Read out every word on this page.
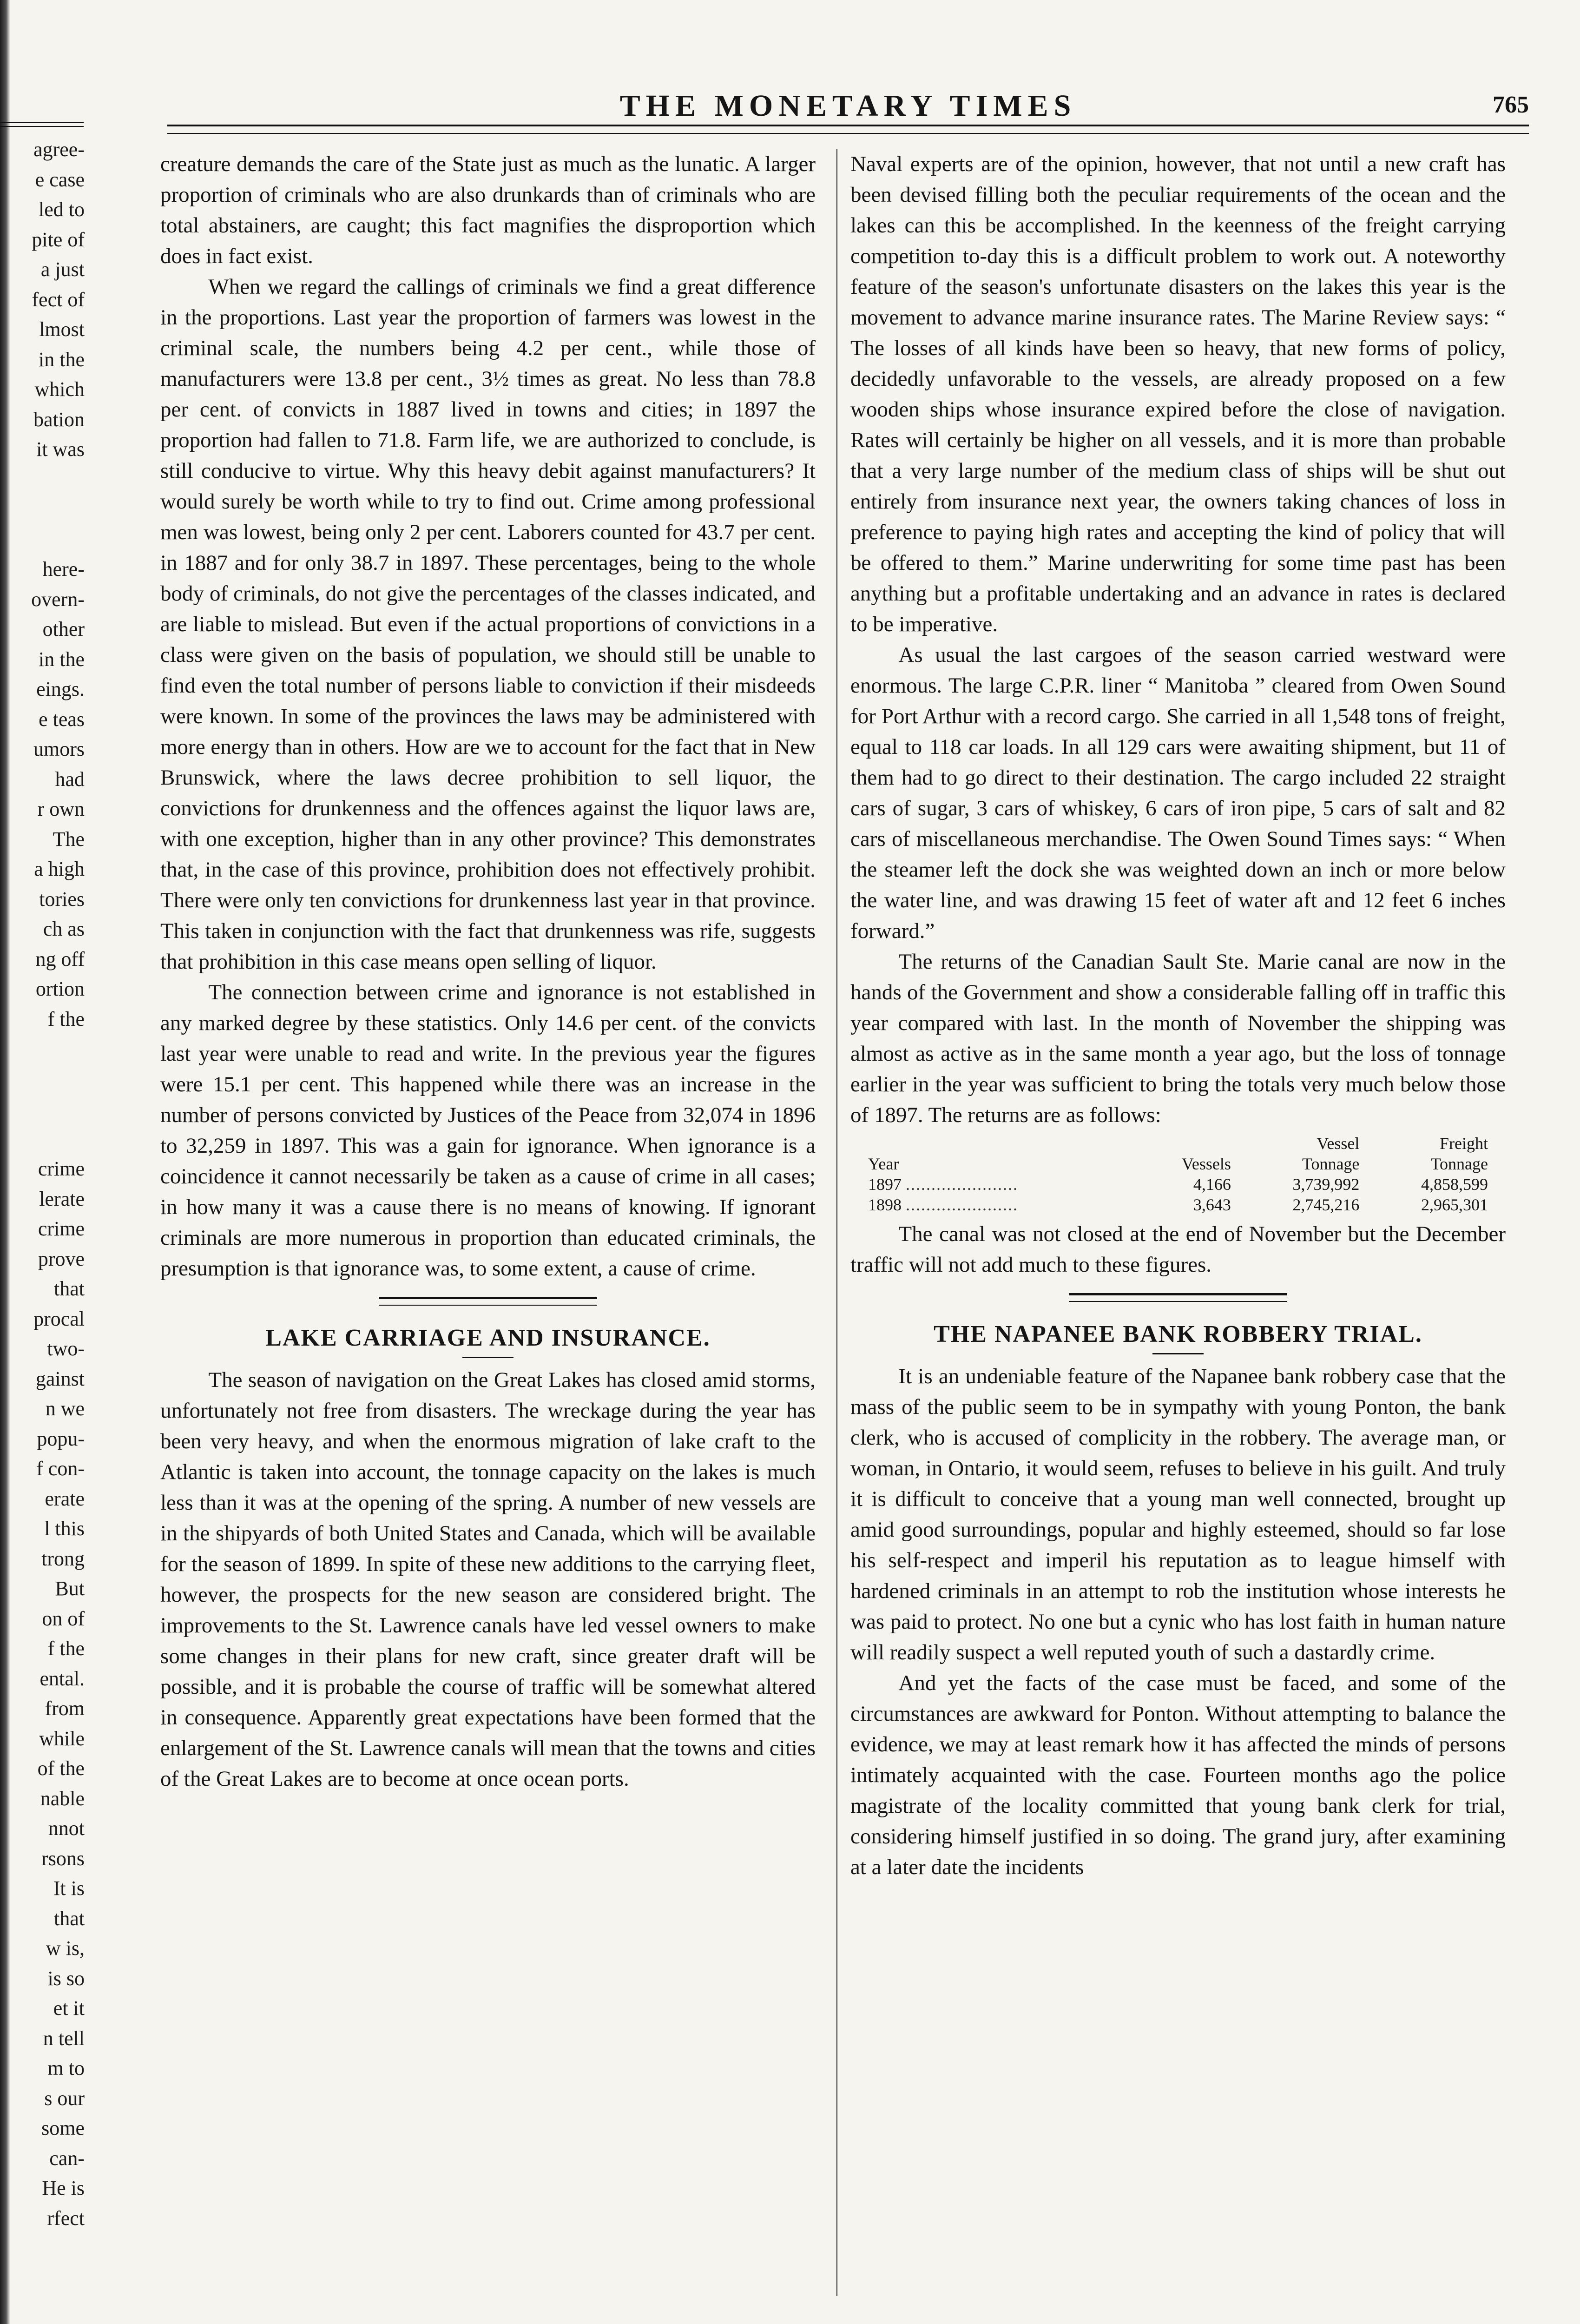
agree-
e case
led to
pite of
a just
fect of
lmost
in the
which
bation
it was
here-
overn-
other
in the
eings.
e teas
umors
had
r own
The
a high
tories
ch as
ng off
ortion
f the
crime
lerate
crime
prove
that
procal
two-
gainst
n we
popu-
f con-
erate
l this
trong
But
on of
f the
ental.
from
while
of the
nable
nnot
rsons
It is
that
w is,
is so
et it
n tell
m to
s our
some
can-
He is
rfect
THE MONETARY TIMES	765

creature demands the care of the State just as much as the lunatic. A larger proportion of criminals who are also drunkards than of criminals who are total abstainers, are caught; this fact magnifies the disproportion which does in fact exist.

When we regard the callings of criminals we find a great difference in the proportions. Last year the proportion of farmers was lowest in the criminal scale, the numbers being 4.2 per cent., while those of manufacturers were 13.8 per cent., 3½ times as great. No less than 78.8 per cent. of convicts in 1887 lived in towns and cities; in 1897 the proportion had fallen to 71.8. Farm life, we are authorized to conclude, is still conducive to virtue. Why this heavy debit against manufacturers? It would surely be worth while to try to find out. Crime among professional men was lowest, being only 2 per cent. Laborers counted for 43.7 per cent. in 1887 and for only 38.7 in 1897. These percentages, being to the whole body of criminals, do not give the percentages of the classes indicated, and are liable to mislead. But even if the actual proportions of convictions in a class were given on the basis of population, we should still be unable to find even the total number of persons liable to conviction if their misdeeds were known. In some of the provinces the laws may be administered with more energy than in others. How are we to account for the fact that in New Brunswick, where the laws decree prohibition to sell liquor, the convictions for drunkenness and the offences against the liquor laws are, with one exception, higher than in any other province? This demonstrates that, in the case of this province, prohibition does not effectively prohibit. There were only ten convictions for drunkenness last year in that province. This taken in conjunction with the fact that drunkenness was rife, suggests that prohibition in this case means open selling of liquor.

The connection between crime and ignorance is not established in any marked degree by these statistics. Only 14.6 per cent. of the convicts last year were unable to read and write. In the previous year the figures were 15.1 per cent. This happened while there was an increase in the number of persons convicted by Justices of the Peace from 32,074 in 1896 to 32,259 in 1897. This was a gain for ignorance. When ignorance is a coincidence it cannot necessarily be taken as a cause of crime in all cases; in how many it was a cause there is no means of knowing. If ignorant criminals are more numerous in proportion than educated criminals, the presumption is that ignorance was, to some extent, a cause of crime.

LAKE CARRIAGE AND INSURANCE.

The season of navigation on the Great Lakes has closed amid storms, unfortunately not free from disasters. The wreckage during the year has been very heavy, and when the enormous migration of lake craft to the Atlantic is taken into account, the tonnage capacity on the lakes is much less than it was at the opening of the spring. A number of new vessels are in the shipyards of both United States and Canada, which will be available for the season of 1899. In spite of these new additions to the carrying fleet, however, the prospects for the new season are considered bright. The improvements to the St. Lawrence canals have led vessel owners to make some changes in their plans for new craft, since greater draft will be possible, and it is probable the course of traffic will be somewhat altered in consequence. Apparently great expectations have been formed that the enlargement of the St. Lawrence canals will mean that the towns and cities of the Great Lakes are to become at once ocean ports.

Naval experts are of the opinion, however, that not until a new craft has been devised filling both the peculiar requirements of the ocean and the lakes can this be accomplished. In the keenness of the freight carrying competition to-day this is a difficult problem to work out. A noteworthy feature of the season's unfortunate disasters on the lakes this year is the movement to advance marine insurance rates. The Marine Review says: “ The losses of all kinds have been so heavy, that new forms of policy, decidedly unfavorable to the vessels, are already proposed on a few wooden ships whose insurance expired before the close of navigation. Rates will certainly be higher on all vessels, and it is more than probable that a very large number of the medium class of ships will be shut out entirely from insurance next year, the owners taking chances of loss in preference to paying high rates and accepting the kind of policy that will be offered to them.” Marine underwriting for some time past has been anything but a profitable undertaking and an advance in rates is declared to be imperative.

As usual the last cargoes of the season carried westward were enormous. The large C.P.R. liner “ Manitoba ” cleared from Owen Sound for Port Arthur with a record cargo. She carried in all 1,548 tons of freight, equal to 118 car loads. In all 129 cars were awaiting shipment, but 11 of them had to go direct to their destination. The cargo included 22 straight cars of sugar, 3 cars of whiskey, 6 cars of iron pipe, 5 cars of salt and 82 cars of miscellaneous merchandise. The Owen Sound Times says: “ When the steamer left the dock she was weighted down an inch or more below the water line, and was drawing 15 feet of water aft and 12 feet 6 inches forward.”

The returns of the Canadian Sault Ste. Marie canal are now in the hands of the Government and show a considerable falling off in traffic this year compared with last. In the month of November the shipping was almost as active as in the same month a year ago, but the loss of tonnage earlier in the year was sufficient to bring the totals very much below those of 1897. The returns are as follows:

		Vessel	Freight
Year	Vessels	Tonnage	Tonnage
1897 ......................	4,166	3,739,992	4,858,599
1898 ......................	3,643	2,745,216	2,965,301

The canal was not closed at the end of November but the December traffic will not add much to these figures.

THE NAPANEE BANK ROBBERY TRIAL.

It is an undeniable feature of the Napanee bank robbery case that the mass of the public seem to be in sympathy with young Ponton, the bank clerk, who is accused of complicity in the robbery. The average man, or woman, in Ontario, it would seem, refuses to believe in his guilt. And truly it is difficult to conceive that a young man well connected, brought up amid good surroundings, popular and highly esteemed, should so far lose his self-respect and imperil his reputation as to league himself with hardened criminals in an attempt to rob the institution whose interests he was paid to protect. No one but a cynic who has lost faith in human nature will readily suspect a well reputed youth of such a dastardly crime.

And yet the facts of the case must be faced, and some of the circumstances are awkward for Ponton. Without attempting to balance the evidence, we may at least remark how it has affected the minds of persons intimately acquainted with the case. Fourteen months ago the police magistrate of the locality committed that young bank clerk for trial, considering himself justified in so doing. The grand jury, after examining at a later date the incidents
